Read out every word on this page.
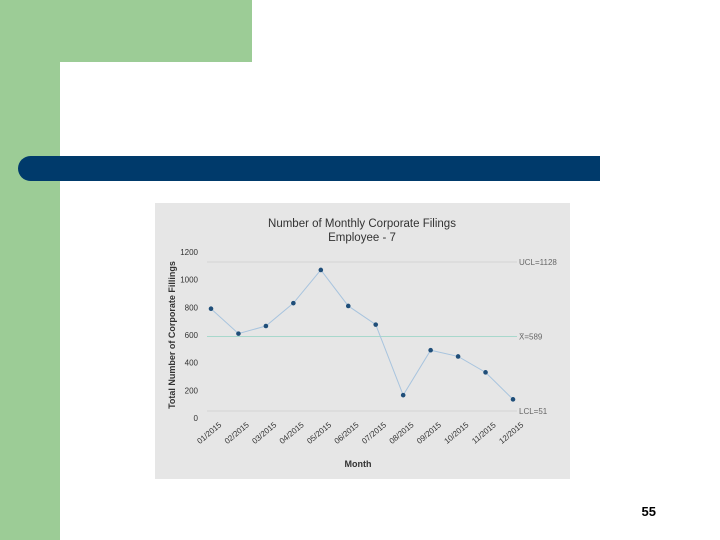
Number of Monthly Corporate Filings
Employee - 7
Total Number of Corporate Fillings
Month
UCL=1128
X̄=589
LCL=51
0
200
400
600
800
1000
1200
01/2015 02/2015 03/2015 04/2015 05/2015 06/2015 07/2015 08/2015 09/2015 10/2015 11/2015 12/2015
55
